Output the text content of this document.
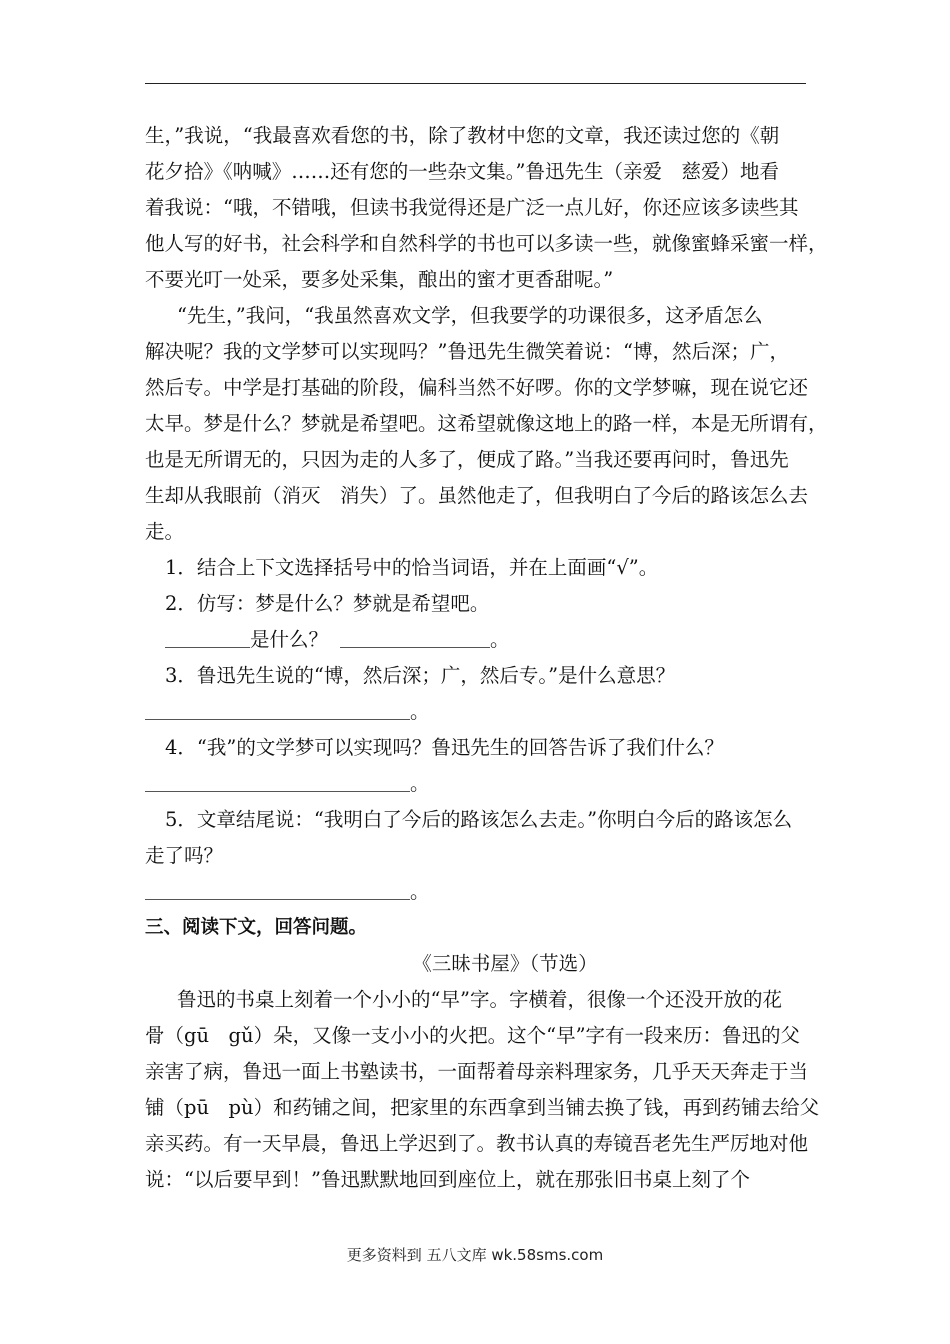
生，”我说，“我最喜欢看您的书，除了教材中您的文章，我还读过您的《朝
花夕拾》《呐喊》……还有您的一些杂文集。”鲁迅先生（亲爱　慈爱）地看
着我说：“哦，不错哦，但读书我觉得还是广泛一点儿好，你还应该多读些其
他人写的好书，社会科学和自然科学的书也可以多读一些，就像蜜蜂采蜜一样，
不要光叮一处采，要多处采集，酿出的蜜才更香甜呢。”
“先生，”我问，“我虽然喜欢文学，但我要学的功课很多，这矛盾怎么
解决呢？我的文学梦可以实现吗？”鲁迅先生微笑着说：“博，然后深；广，
然后专。中学是打基础的阶段，偏科当然不好啰。你的文学梦嘛，现在说它还
太早。梦是什么？梦就是希望吧。这希望就像这地上的路一样，本是无所谓有，
也是无所谓无的，只因为走的人多了，便成了路。”当我还要再问时，鲁迅先
生却从我眼前（消灭　消失）了。虽然他走了，但我明白了今后的路该怎么去
走。
1．结合上下文选择括号中的恰当词语，并在上面画“√”。
2．仿写：梦是什么？梦就是希望吧。
是什么？	。
3．鲁迅先生说的“博，然后深；广，然后专。”是什么意思？
。
4．“我”的文学梦可以实现吗？鲁迅先生的回答告诉了我们什么？
。
5．文章结尾说：“我明白了今后的路该怎么去走。”你明白今后的路该怎么
走了吗？
。
三、阅读下文，回答问题。
《三昧书屋》（节选）
鲁迅的书桌上刻着一个小小的“早”字。字横着，很像一个还没开放的花
骨（gū　gǔ）朵，又像一支小小的火把。这个“早”字有一段来历：鲁迅的父
亲害了病，鲁迅一面上书塾读书，一面帮着母亲料理家务，几乎天天奔走于当
铺（pū　pù）和药铺之间，把家里的东西拿到当铺去换了钱，再到药铺去给父
亲买药。有一天早晨，鲁迅上学迟到了。教书认真的寿镜吾老先生严厉地对他
说：“以后要早到！”鲁迅默默地回到座位上，就在那张旧书桌上刻了个
更多资料到 五八文库 wk.58sms.com
